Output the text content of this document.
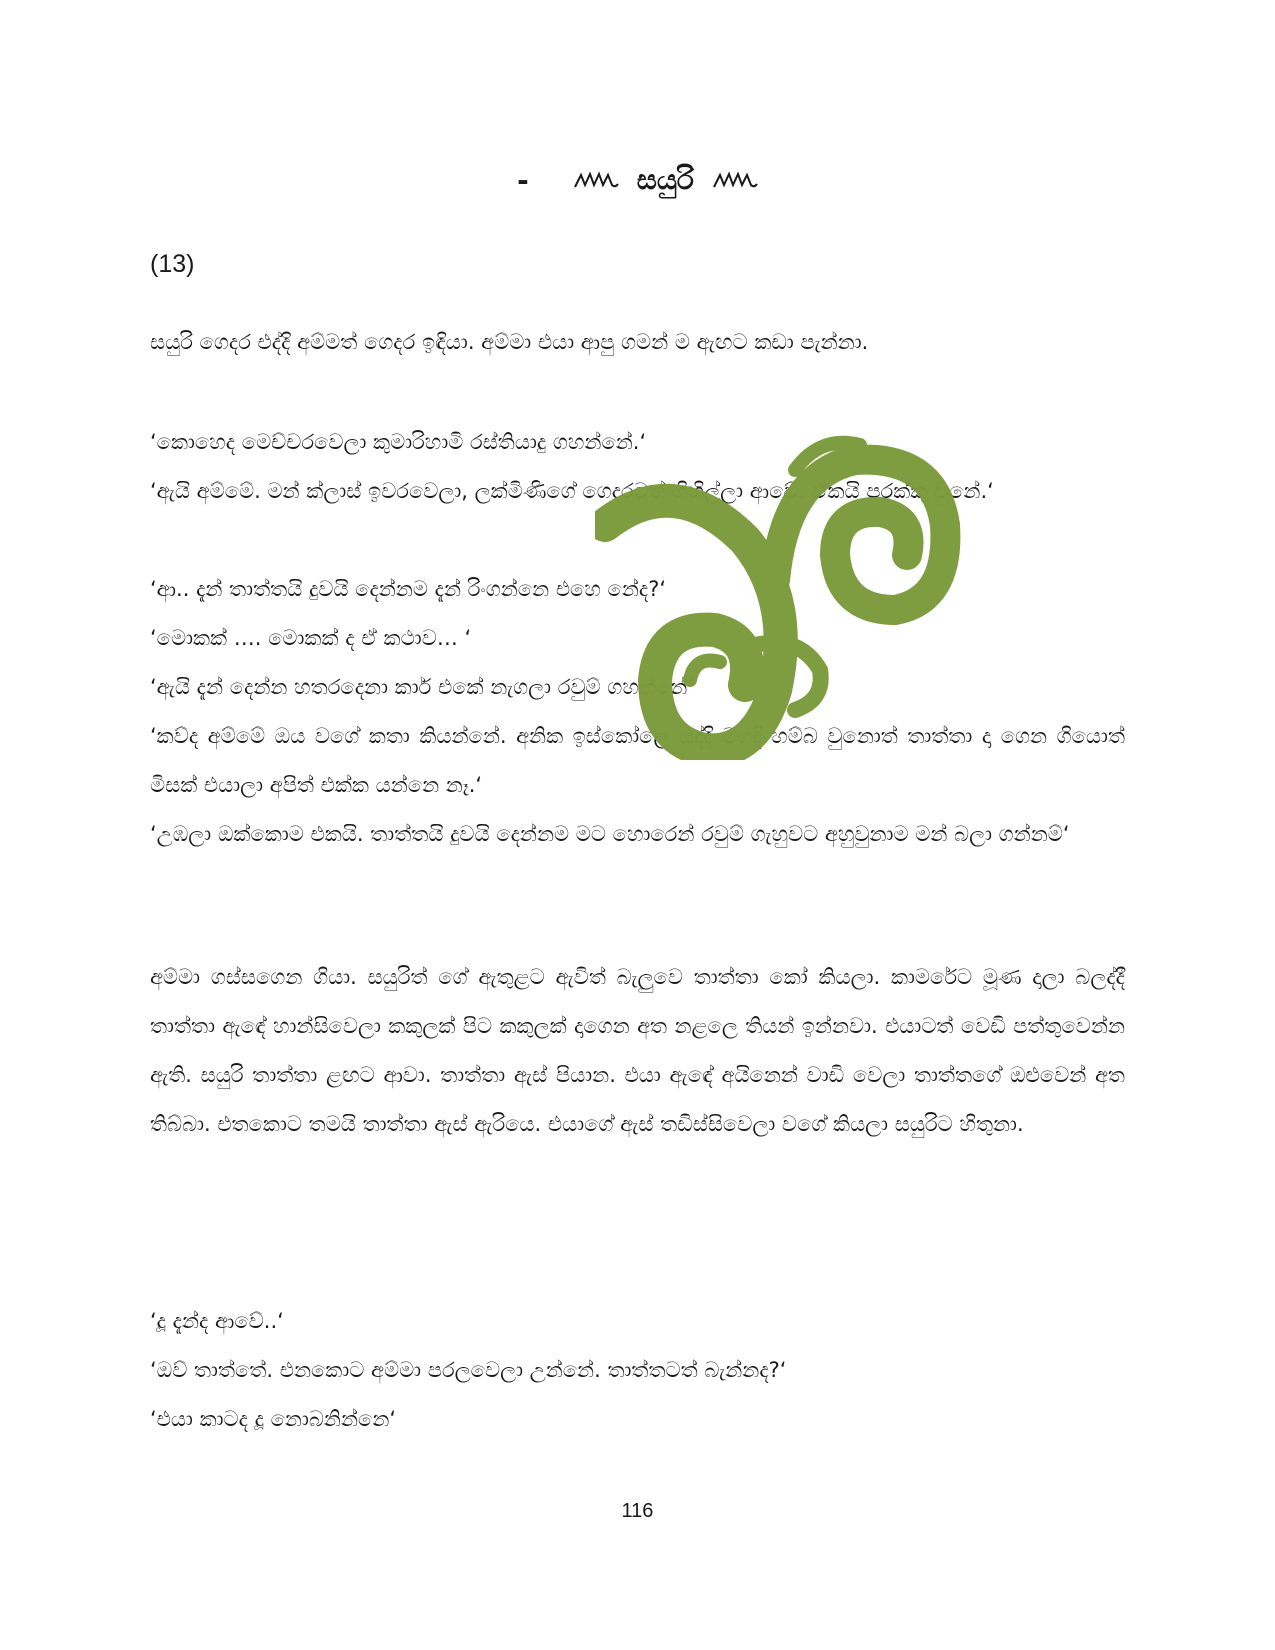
-	සයුරි
(13)

සයුරි ගෙදර එද්දි අම්මත් ගෙදර ඉඳියා. අම්මා එයා ආපු ගමන් ම ඇඟට කඩා පැන්නා.

‘කොහෙද මෙච්චරවෙලා කුමාරිහාමි රස්තියාදු ගහන්නේ.‘

‘ඇයි අම්මේ. මන් ක්ලාස් ඉවරවෙලා, ලක්මිණිගේ ගෙදරටත් ගිහිල්ලා ආවේ. ඒකයි පරක්කු වුනේ.‘

‘ආ.. දැන් තාත්තයි දුවයි දෙන්නම දැන් රිංගන්නෙ එහෙ නේද?‘

‘මොකක් …. මොකක් ද ඒ කථාව… ‘

‘ඇයි දැන් දෙන්න හතරදෙනා කාර් එකේ නැගලා රවුම් ගහන්නේ‘

‘කව්ද අම්මේ ඔය වගේ කතා කියන්නේ. අනික ඉස්කෝලෙ යද්දි මගදි හම්බ වුනොත් තාත්තා දා ගෙන ගියොත් මිසක් එයාලා අපිත් එක්ක යන්නෙ නෑ.‘

‘උඹලා ඔක්කොම එකයි. තාත්තයි දුවයි දෙන්නම මට හොරෙන් රවුම් ගැහුවට අහුවුනාම මන් බලා ගන්නම්‘

අම්මා ගස්සගෙන ගියා. සයුරිත් ගේ ඇතුළට ඇවිත් බැලුවෙ තාත්තා කෝ කියලා. කාමරේට මූණ දාලා බලද්දී තාත්තා ඇඳේ හාන්සිවෙලා කකුලක් පිට කකුලක් දාගෙන අත නළලෙ තියන් ඉන්නවා. එයාටත් වෙඩි පත්තුවෙන්න ඇති. සයුරි තාත්තා ළඟට ආවා. තාත්තා ඇස් පියාන. එයා ඇඳේ අයිනෙන් වාඩි වෙලා තාත්තගේ ඔළුවෙන් අත තිබ්බා. එතකොට තමයි තාත්තා ඇස් ඇරියෙ. එයාගේ ඇස් තඩිස්සිවෙලා වගේ කියලා සයුරිට හිතුනා.

‘දූ දැන්ද ආවේ..‘

‘ඔව් තාත්තේ. එනකොට අම්මා පරලවෙලා උන්නේ. තාත්තටත් බැන්නද?‘

‘එයා කාටද දූ නොබනින්නෙ‘

116
